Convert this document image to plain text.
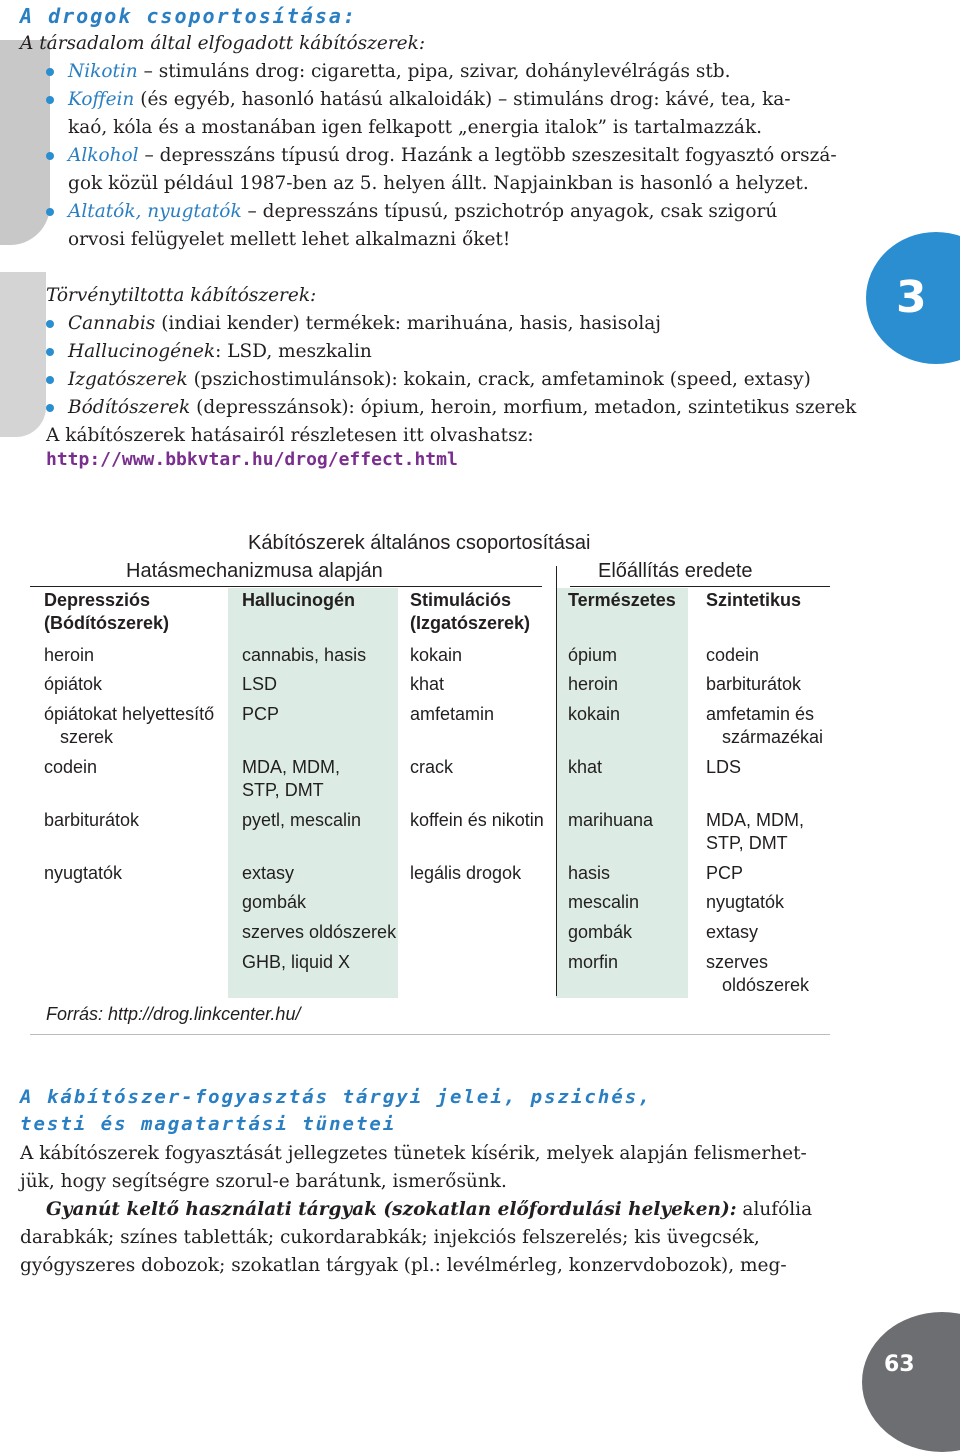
A drogok csoportosítása:
A társadalom által elfogadott kábítószerek:
Nikotin – stimuláns drog: cigaretta, pipa, szivar, dohánylevélrágás stb.
Koffein (és egyéb, hasonló hatású alkaloidák) – stimuláns drog: kávé, tea, ka-
kaó, kóla és a mostanában igen felkapott „energia italok” is tartalmazzák.
Alkohol – depresszáns típusú drog. Hazánk a legtöbb szeszesitalt fogyasztó orszá-
gok közül például 1987-ben az 5. helyen állt. Napjainkban is hasonló a helyzet.
Altatók, nyugtatók – depresszáns típusú, pszichotróp anyagok, csak szigorú
orvosi felügyelet mellett lehet alkalmazni őket!
Törvénytiltotta kábítószerek:
Cannabis (indiai kender) termékek: marihuána, hasis, hasisolaj
Hallucinogének: LSD, meszkalin
Izgatószerek (pszichostimulánsok): kokain, crack, amfetaminok (speed, extasy)
Bódítószerek (depresszánsok): ópium, heroin, morfium, metadon, szintetikus szerek
A kábítószerek hatásairól részletesen itt olvashatsz:
http://www.bbkvtar.hu/drog/effect.html
3
Kábítószerek általános csoportosításai
Hatásmechanizmusa alapján	Előállítás eredete
Depressziós
(Bódítószerek)
Hallucinogén	Stimulációs
(Izgatószerek)
Természetes Szintetikus
heroin
ópiátok
ópiátokat helyettesítő
szerek
codein
barbiturátok
nyugtatók
cannabis, hasis
LSD
PCP
MDA, MDM,
STP, DMT
pyetl, mescalin
extasy
gombák
szerves oldószerek
GHB, liquid X
kokain
khat
amfetamin
crack
koffein és nikotin
legális drogok
ópium
heroin
kokain
khat
marihuana
hasis
mescalin
gombák
morfin
codein
barbiturátok
amfetamin és
származékai
LDS
MDA, MDM,
STP, DMT
PCP
nyugtatók
extasy
szerves
oldószerek
Forrás: http://drog.linkcenter.hu/
A kábítószer-fogyasztás tárgyi jelei, pszichés,
testi és magatartási tünetei
A kábítószerek fogyasztását jellegzetes tünetek kísérik, melyek alapján felismerhet-
jük, hogy segítségre szorul-e barátunk, ismerősünk.
Gyanút keltő használati tárgyak (szokatlan előfordulási helyeken): alufólia
darabkák; színes tabletták; cukordarabkák; injekciós felszerelés; kis üvegcsék,
gyógyszeres dobozok; szokatlan tárgyak (pl.: levélmérleg, konzervdobozok), meg-
63
